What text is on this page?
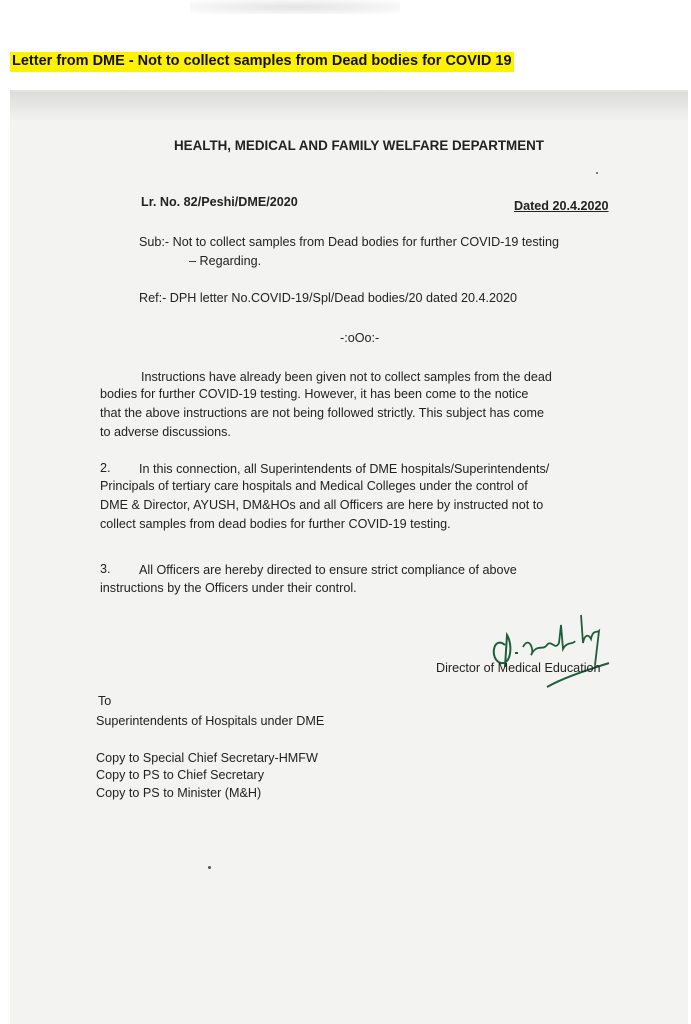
Letter from DME - Not to collect samples from Dead bodies for COVID 19
HEALTH, MEDICAL AND FAMILY WELFARE DEPARTMENT
Lr. No. 82/Peshi/DME/2020	Dated 20.4.2020
Sub:- Not to collect samples from Dead bodies for further COVID-19 testing
– Regarding.
Ref:- DPH letter No.COVID-19/Spl/Dead bodies/20 dated 20.4.2020
-:oOo:-
Instructions have already been given not to collect samples from the dead
bodies for further COVID-19 testing. However, it has been come to the notice
that the above instructions are not being followed strictly. This subject has come
to adverse discussions.
2. In this connection, all Superintendents of DME hospitals/Superintendents/
Principals of tertiary care hospitals and Medical Colleges under the control of
DME & Director, AYUSH, DM&HOs and all Officers are here by instructed not to
collect samples from dead bodies for further COVID-19 testing.
3. All Officers are hereby directed to ensure strict compliance of above
instructions by the Officers under their control.
Director of Medical Education
To
Superintendents of Hospitals under DME
Copy to Special Chief Secretary-HMFW
Copy to PS to Chief Secretary
Copy to PS to Minister (M&H)
